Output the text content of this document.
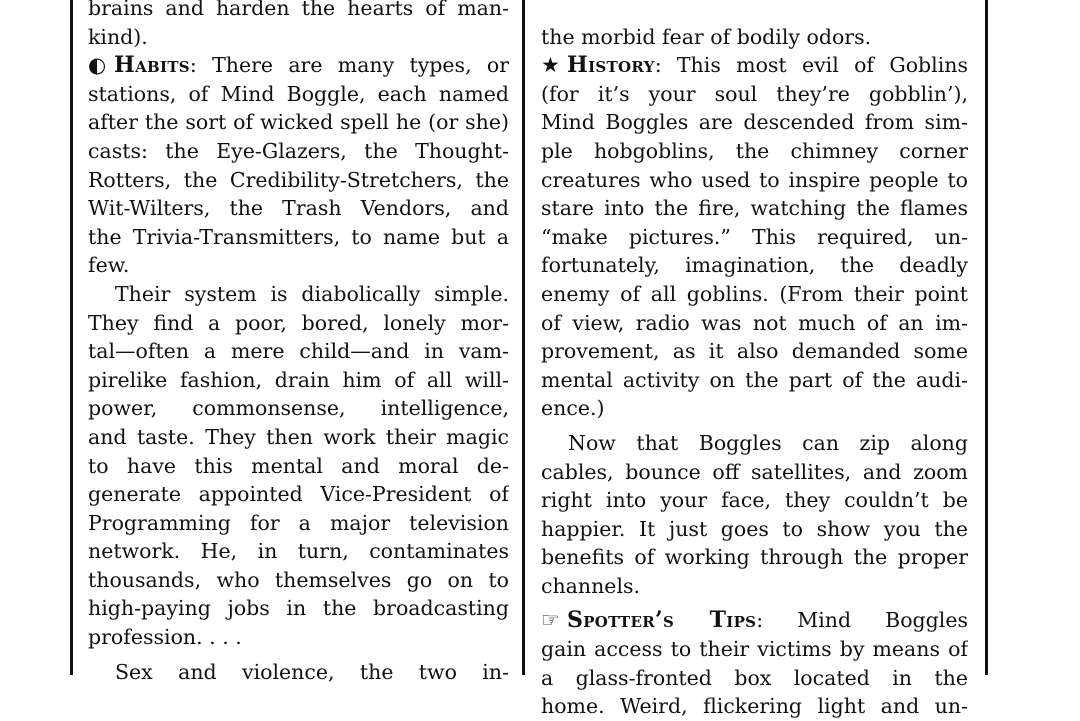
brains and harden the hearts of man-
kind).
◐ Habits: There are many types, or
stations, of Mind Boggle, each named
after the sort of wicked spell he (or she)
casts: the Eye-Glazers, the Thought-
Rotters, the Credibility-Stretchers, the
Wit-Wilters, the Trash Vendors, and
the Trivia-Transmitters, to name but a
few.
Their system is diabolically simple.
They find a poor, bored, lonely mor-
tal—often a mere child—and in vam-
pirelike fashion, drain him of all will-
power, commonsense, intelligence,
and taste. They then work their magic
to have this mental and moral de-
generate appointed Vice-President of
Programming for a major television
network. He, in turn, contaminates
thousands, who themselves go on to
high-paying jobs in the broadcasting
profession. . . .
Sex and violence, the two in-
the morbid fear of bodily odors.
★ History: This most evil of Goblins
(for it’s your soul they’re gobblin’),
Mind Boggles are descended from sim-
ple hobgoblins, the chimney corner
creatures who used to inspire people to
stare into the fire, watching the flames
“make pictures.” This required, un-
fortunately, imagination, the deadly
enemy of all goblins. (From their point
of view, radio was not much of an im-
provement, as it also demanded some
mental activity on the part of the audi-
ence.)
Now that Boggles can zip along
cables, bounce off satellites, and zoom
right into your face, they couldn’t be
happier. It just goes to show you the
benefits of working through the proper
channels.
☞ Spotter’s Tips: Mind Boggles
gain access to their victims by means of
a glass-fronted box located in the
home. Weird, flickering light and un-
